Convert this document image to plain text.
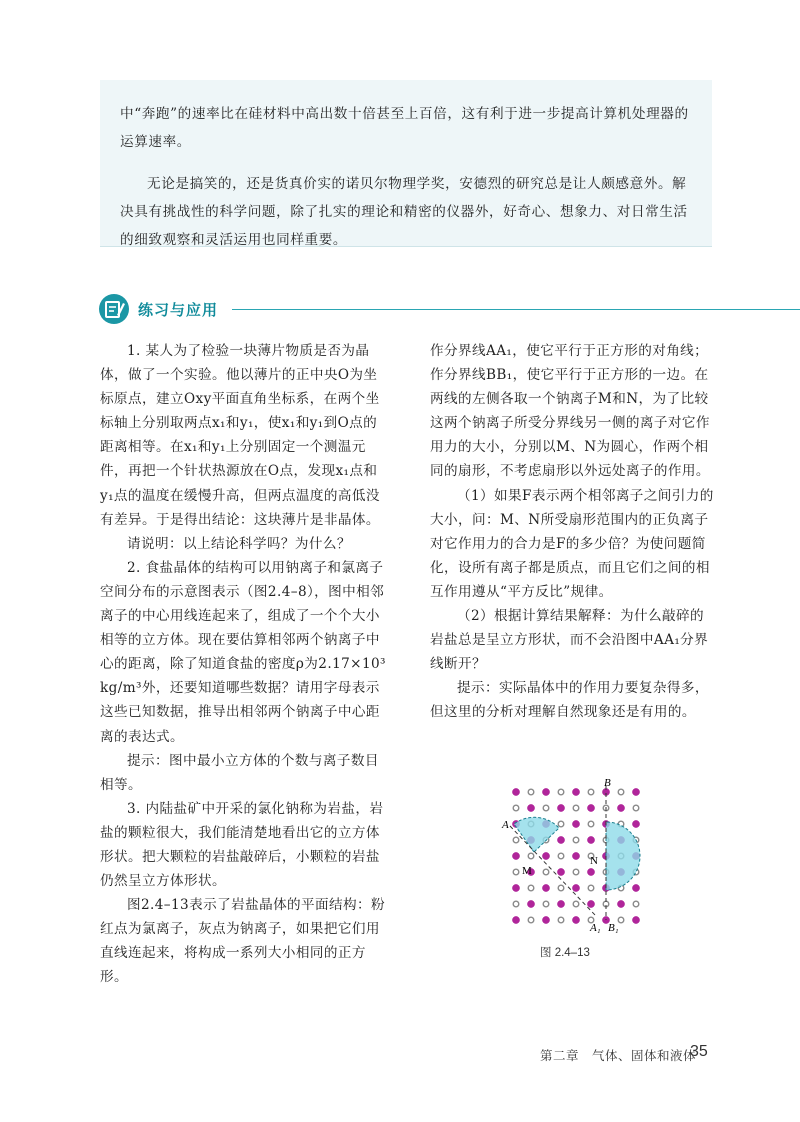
中“奔跑”的速率比在硅材料中高出数十倍甚至上百倍，这有利于进一步提高计算机处理器的运算速率。

无论是搞笑的，还是货真价实的诺贝尔物理学奖，安德烈的研究总是让人颇感意外。解决具有挑战性的科学问题，除了扎实的理论和精密的仪器外，好奇心、想象力、对日常生活的细致观察和灵活运用也同样重要。

练习与应用

1. 某人为了检验一块薄片物质是否为晶体，做了一个实验。他以薄片的正中央O为坐标原点，建立Oxy平面直角坐标系，在两个坐标轴上分别取两点x₁和y₁，使x₁和y₁到O点的距离相等。在x₁和y₁上分别固定一个测温元件，再把一个针状热源放在O点，发现x₁点和y₁点的温度在缓慢升高，但两点温度的高低没有差异。于是得出结论：这块薄片是非晶体。

请说明：以上结论科学吗？为什么？

2. 食盐晶体的结构可以用钠离子和氯离子空间分布的示意图表示（图2.4–8），图中相邻离子的中心用线连起来了，组成了一个个大小相等的立方体。现在要估算相邻两个钠离子中心的距离，除了知道食盐的密度ρ为2.17×10³ kg/m³外，还要知道哪些数据？请用字母表示这些已知数据，推导出相邻两个钠离子中心距离的表达式。

提示：图中最小立方体的个数与离子数目相等。

3. 内陆盐矿中开采的氯化钠称为岩盐，岩盐的颗粒很大，我们能清楚地看出它的立方体形状。把大颗粒的岩盐敲碎后，小颗粒的岩盐仍然呈立方体形状。

图2.4–13表示了岩盐晶体的平面结构：粉红点为氯离子，灰点为钠离子，如果把它们用直线连起来，将构成一系列大小相同的正方形。

作分界线AA₁，使它平行于正方形的对角线；作分界线BB₁，使它平行于正方形的一边。在两线的左侧各取一个钠离子M和N，为了比较这两个钠离子所受分界线另一侧的离子对它作用力的大小，分别以M、N为圆心，作两个相同的扇形，不考虑扇形以外远处离子的作用。

（1）如果F表示两个相邻离子之间引力的大小，问：M、N所受扇形范围内的正负离子对它作用力的合力是F的多少倍？为使问题简化，设所有离子都是质点，而且它们之间的相互作用遵从“平方反比”规律。

（2）根据计算结果解释：为什么敲碎的岩盐总是呈立方形状，而不会沿图中AA₁分界线断开？

提示：实际晶体中的作用力要复杂得多，但这里的分析对理解自然现象还是有用的。

A
A₁
B
B₁
M
N
图 2.4–13
第二章　气体、固体和液体
35
